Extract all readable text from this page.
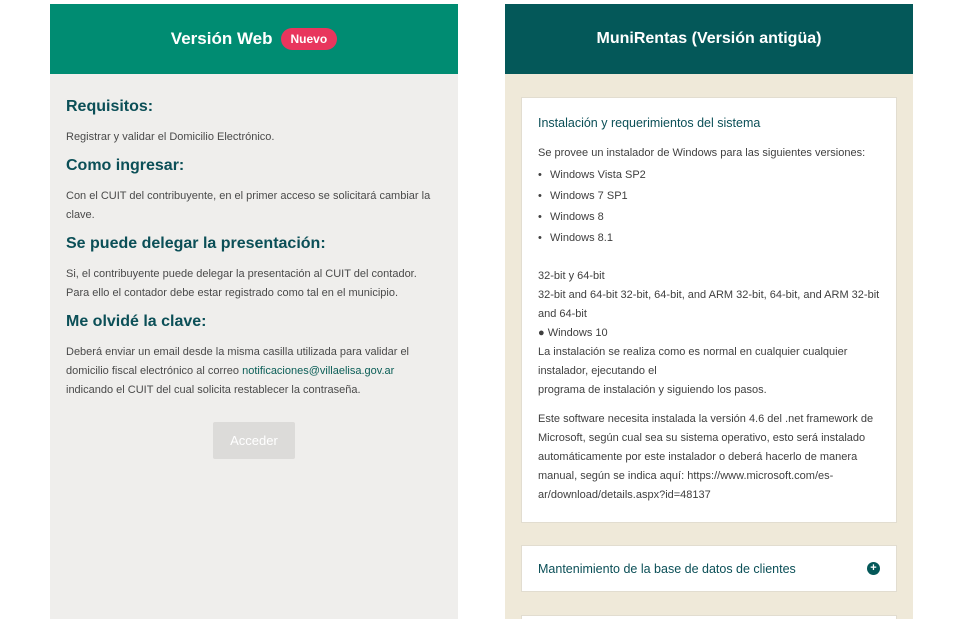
Versión Web	Nuevo
Requisitos:

Registrar y validar el Domicilio Electrónico.

Como ingresar:

Con el CUIT del contribuyente, en el primer acceso se solicitará cambiar la clave.

Se puede delegar la presentación:

Si, el contribuyente puede delegar la presentación al CUIT del contador. Para ello el contador debe estar registrado como tal en el municipio.

Me olvidé la clave:

Deberá enviar un email desde la misma casilla utilizada para validar el domicilio fiscal electrónico al correo notificaciones@villaelisa.gov.ar
indicando el CUIT del cual solicita restablecer la contraseña.

Acceder
MuniRentas (Versión antigüa)
Instalación y requerimientos del sistema
Se provee un instalador de Windows para las siguientes versiones:
• Windows Vista SP2
• Windows 7 SP1
• Windows 8
• Windows 8.1
32-bit y 64-bit
32-bit and 64-bit 32-bit, 64-bit, and ARM 32-bit, 64-bit, and ARM 32-bit and 64-bit
● Windows 10
La instalación se realiza como es normal en cualquier cualquier instalador, ejecutando el
programa de instalación y siguiendo los pasos.
Este software necesita instalada la versión 4.6 del .net framework de Microsoft, según cual sea su sistema operativo, esto será instalado automáticamente por este instalador o deberá hacerlo de manera manual, según se indica aquí: https://www.microsoft.com/es-ar/download/details.aspx?id=48137
Mantenimiento de la base de datos de clientes	+
